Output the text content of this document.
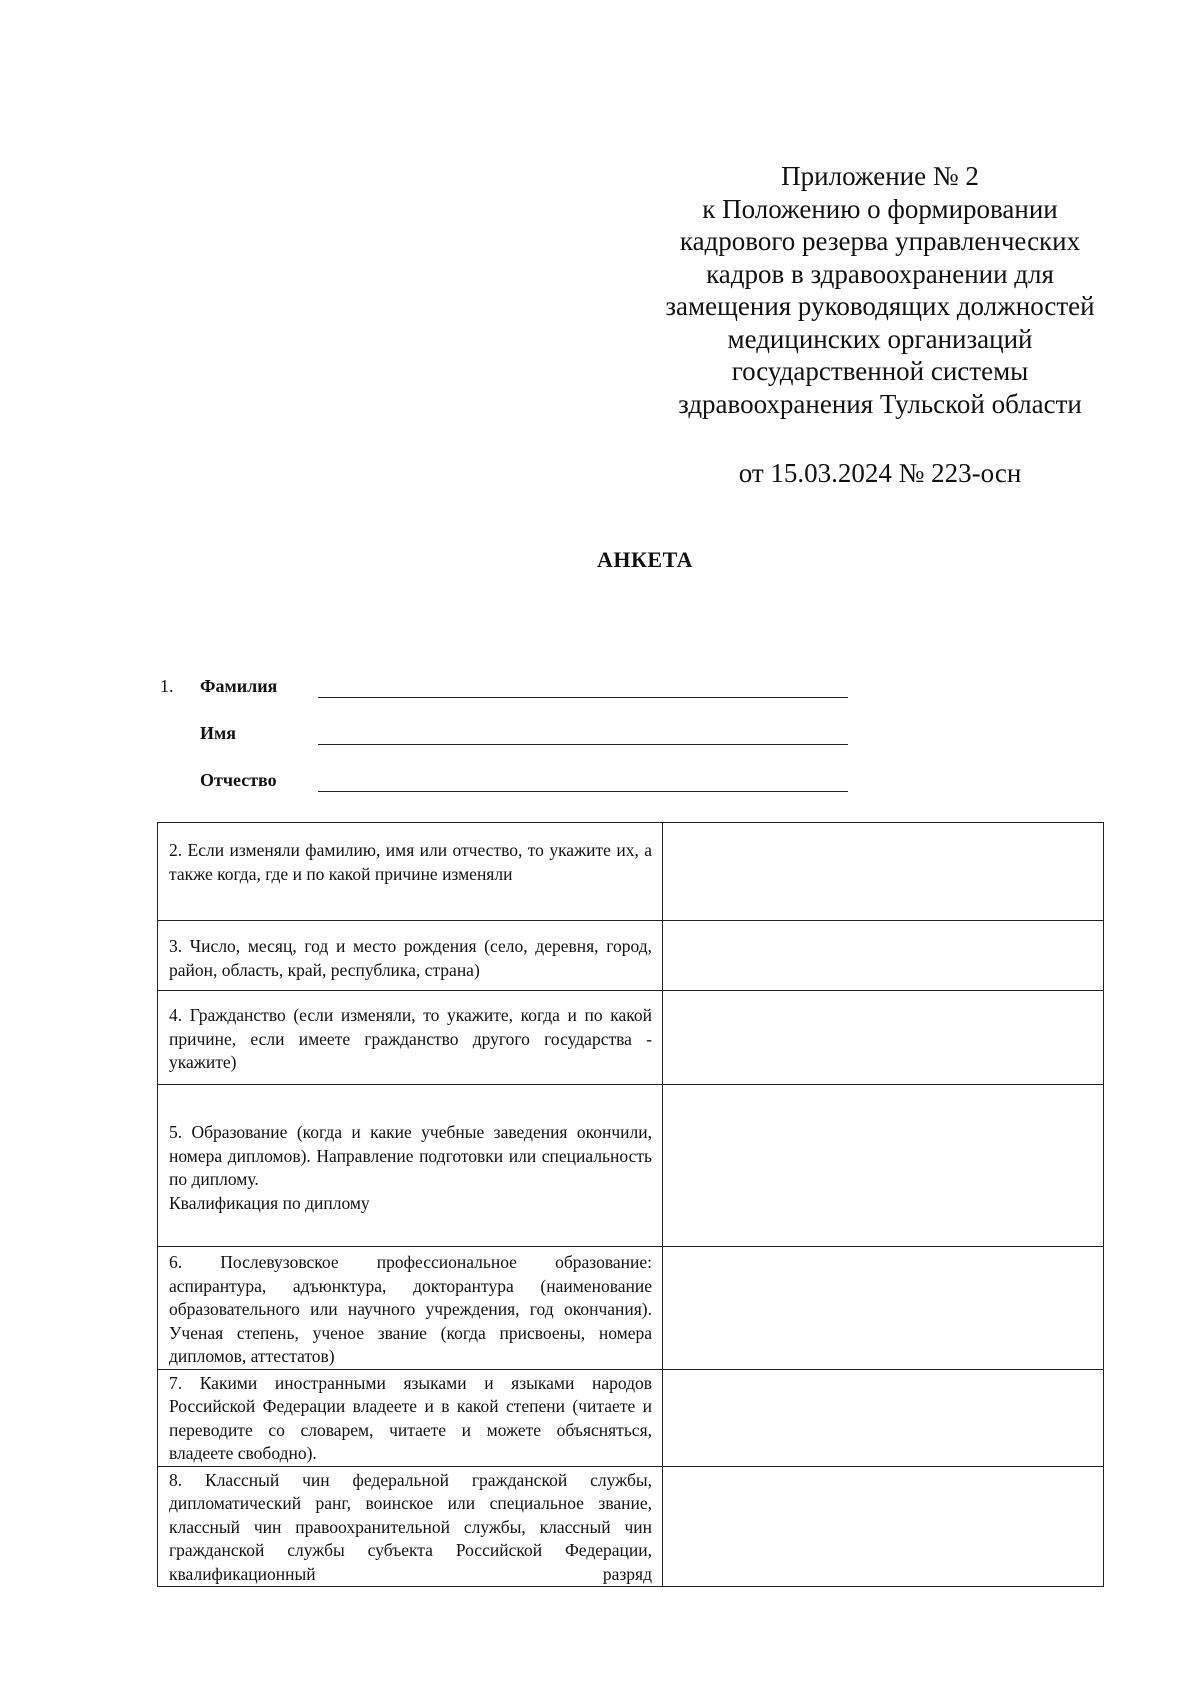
Приложение № 2
к Положению о формировании
кадрового резерва управленческих
кадров в здравоохранении для
замещения руководящих должностей
медицинских организаций
государственной системы
здравоохранения Тульской области
от 15.03.2024 № 223-осн
АНКЕТА
1. Фамилия
Имя
Отчество
2. Если изменяли фамилию, имя или отчество, то укажите их, а также когда, где и по какой причине изменяли	
3. Число, месяц, год и место рождения (село, деревня, город, район, область, край, республика, страна)	
4. Гражданство (если изменяли, то укажите, когда и по какой причине, если имеете гражданство другого государства - укажите)	

5. Образование (когда и какие учебные заведения окончили, номера дипломов). Направление подготовки или специальность по диплому.
Квалификация по диплому	

6. Послевузовское профессиональное образование: аспирантура, адъюнктура, докторантура (наименование образовательного или научного учреждения, год окончания). Ученая степень, ученое звание (когда присвоены, номера дипломов, аттестатов)	
7. Какими иностранными языками и языками народов Российской Федерации владеете и в какой степени (читаете и переводите со словарем, читаете и можете объясняться, владеете свободно).	
8. Классный чин федеральной гражданской службы, дипломатический ранг, воинское или специальное звание, классный чин правоохранительной службы, классный чин гражданской службы субъекта Российской Федерации, квалификационный разряд	
